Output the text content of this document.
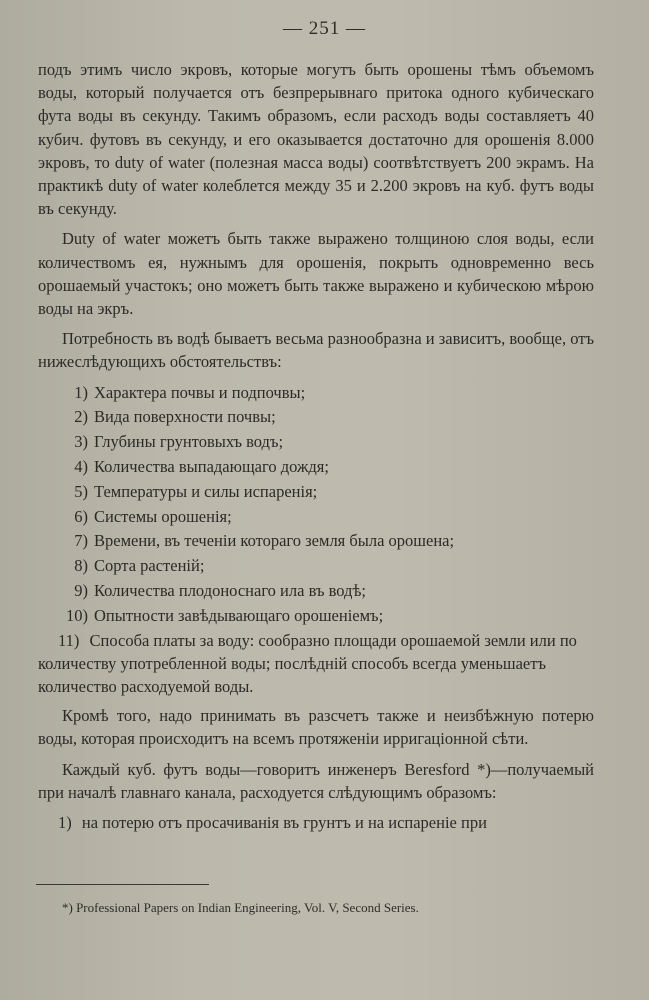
— 251 —

подъ этимъ число экровъ, которые могутъ быть орошены тѣмъ объемомъ воды, который получается отъ безпрерывнаго притока одного кубическаго фута воды въ секунду. Такимъ образомъ, если расходъ воды составляетъ 40 кубич. футовъ въ секунду, и его оказывается достаточно для орошенія 8.000 экровъ, то duty of water (полезная масса воды) соотвѣтствуетъ 200 экрамъ. На практикѣ duty of water колеблется между 35 и 2.200 экровъ на куб. футъ воды въ секунду.

Duty of water можетъ быть также выражено толщиною слоя воды, если количествомъ ея, нужнымъ для орошенія, покрыть одновременно весь орошаемый участокъ; оно можетъ быть также выражено и кубическою мѣрою воды на экръ.

Потребность въ водѣ бываетъ весьма разнообразна и зависитъ, вообще, отъ нижеслѣдующихъ обстоятельствъ:

1) Характера почвы и подпочвы;
2) Вида поверхности почвы;
3) Глубины грунтовыхъ водъ;
4) Количества выпадающаго дождя;
5) Температуры и силы испаренія;
6) Системы орошенія;
7) Времени, въ теченіи котораго земля была орошена;
8) Сорта растеній;
9) Количества плодоноснаго ила въ водѣ;
10) Опытности завѣдывающаго орошеніемъ;
11) Способа платы за воду: сообразно площади орошаемой земли или по количеству употребленной воды; послѣдній способъ всегда уменьшаетъ количество расходуемой воды.

Кромѣ того, надо принимать въ разсчетъ также и неизбѣжную потерю воды, которая происходитъ на всемъ протяженіи ирригаціонной сѣти.

Каждый куб. футъ воды—говоритъ инженеръ Beresford *)—получаемый при началѣ главнаго канала, расходуется слѣдующимъ образомъ:

1) на потерю отъ просачиванія въ грунтъ и на испареніе при
*) Professional Papers on Indian Engineering, Vol. V, Second Series.
